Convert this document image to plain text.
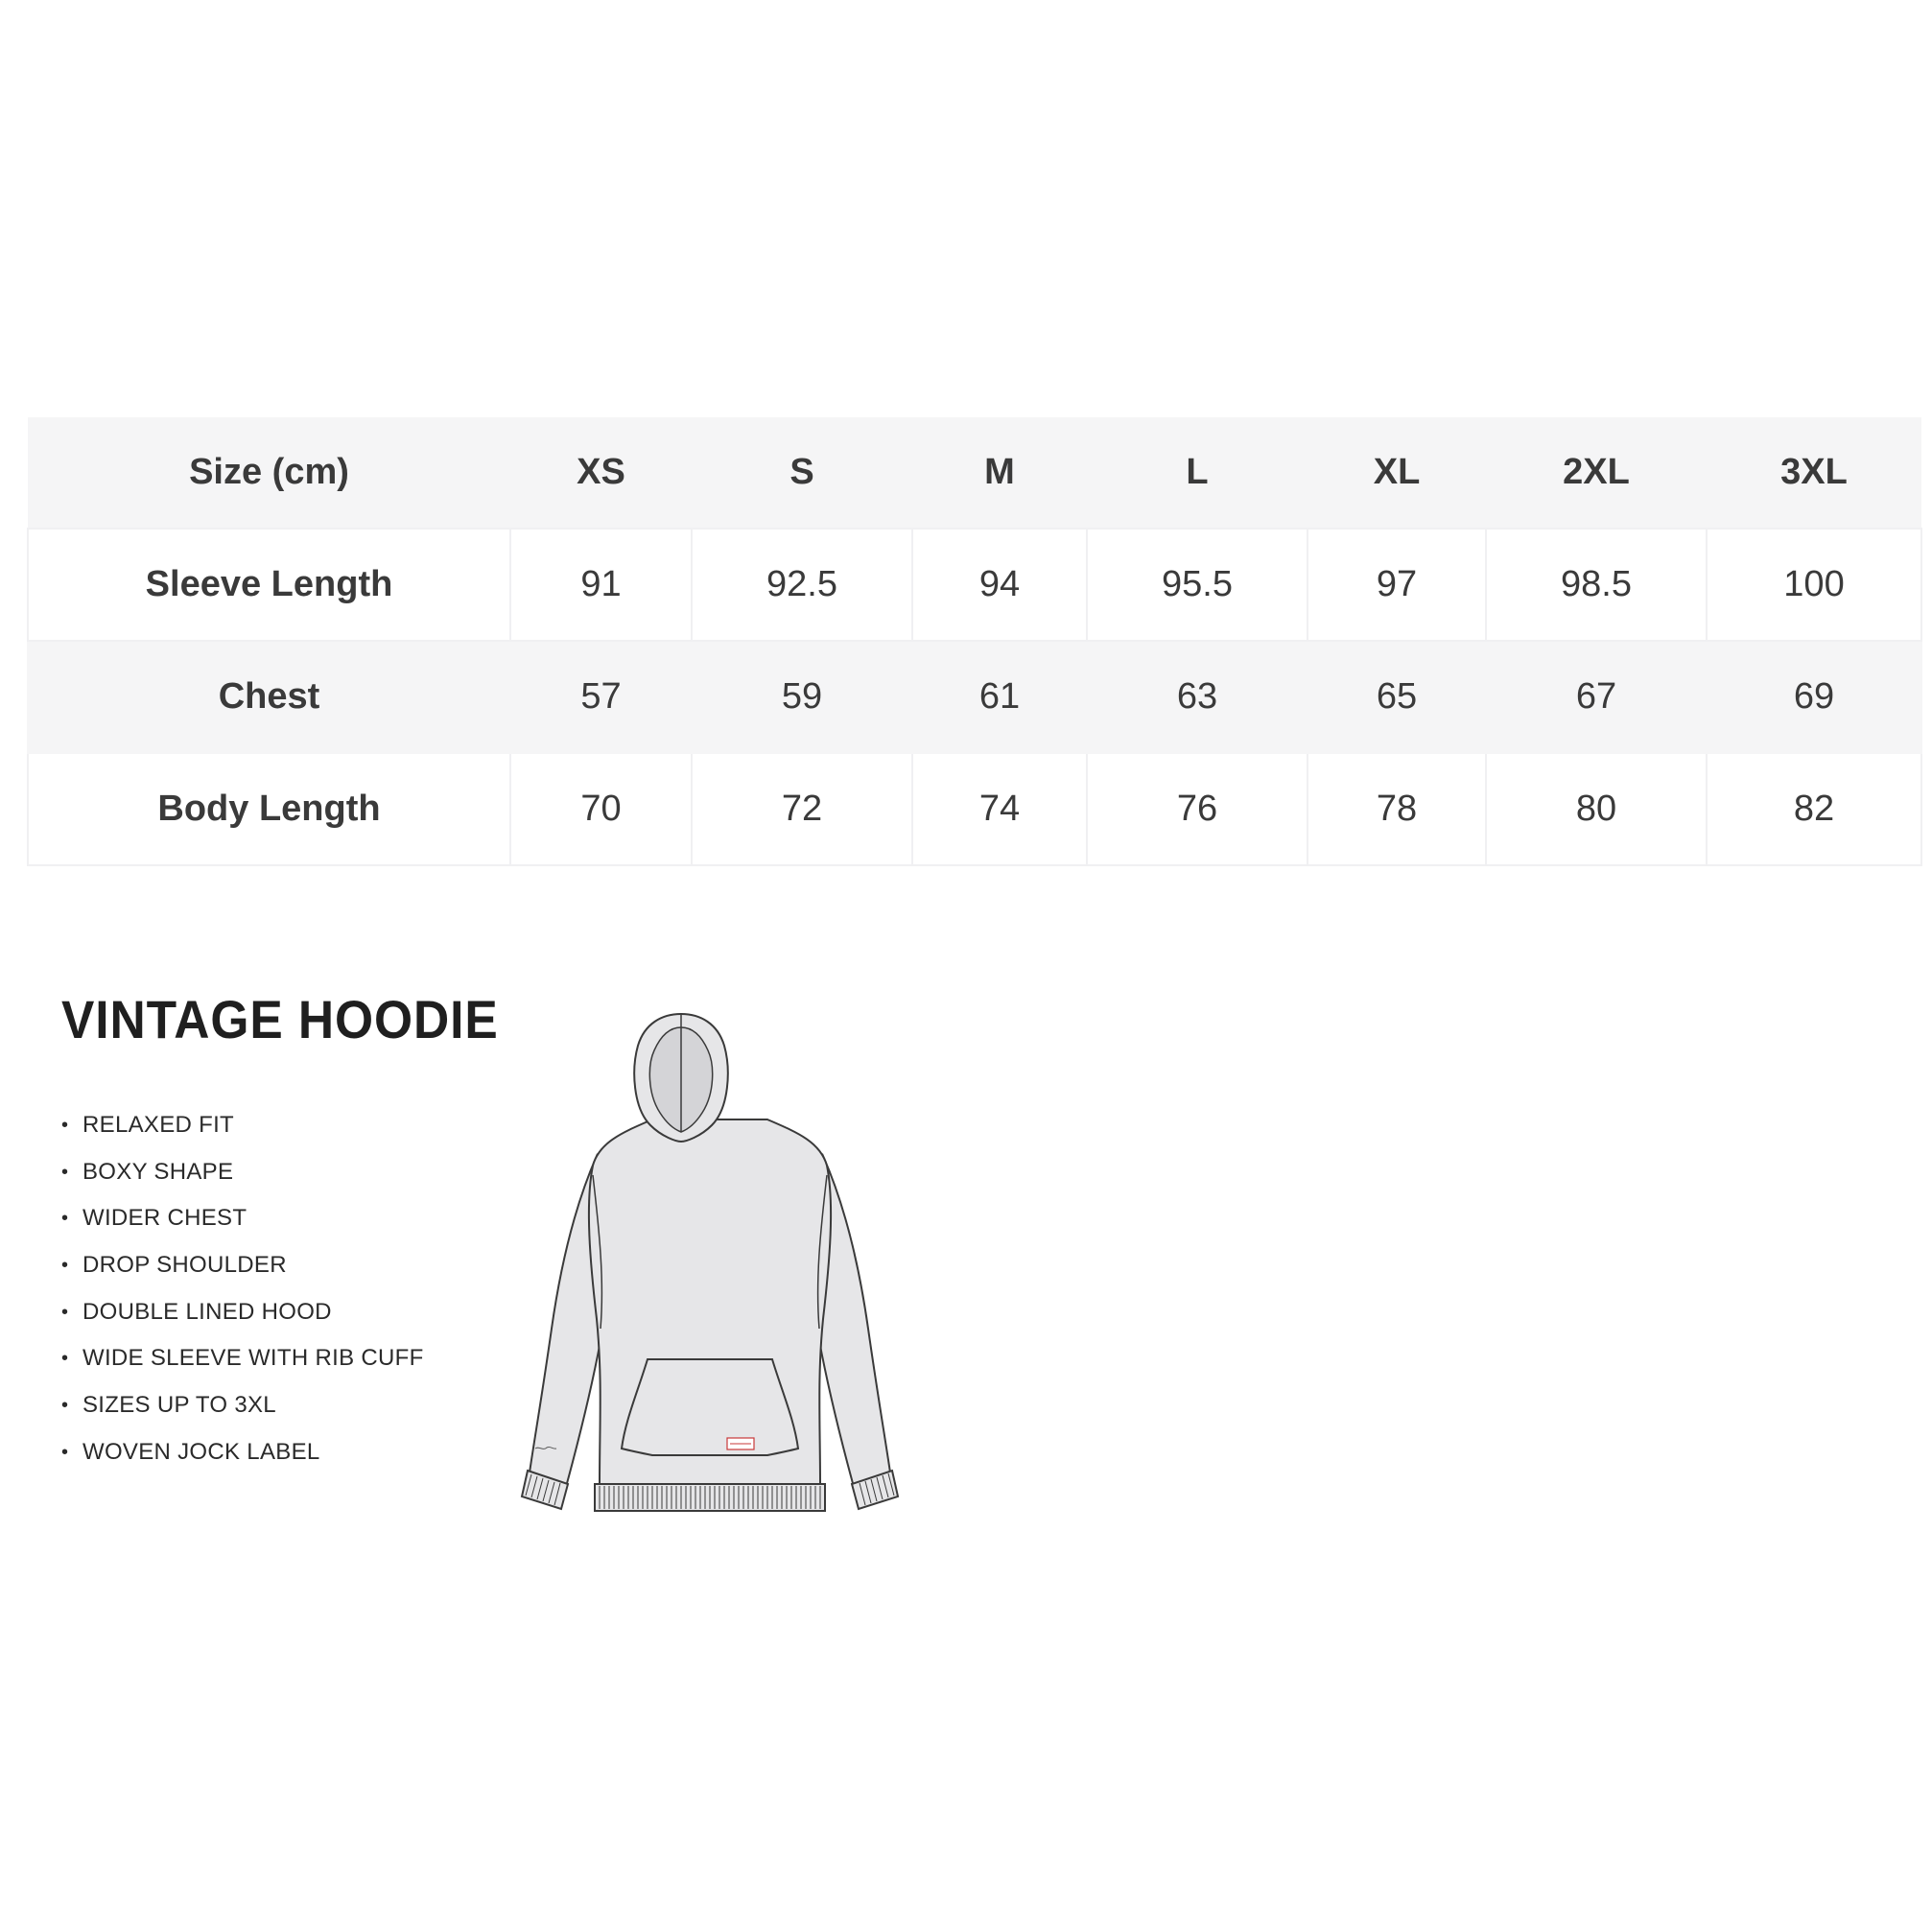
Size (cm)	XS	S	M	L	XL	2XL	3XL
Sleeve Length	91	92.5	94	95.5	97	98.5	100
Chest	57	59	61	63	65	67	69
Body Length	70	72	74	76	78	80	82
VINTAGE HOODIE
• RELAXED FIT
• BOXY SHAPE
• WIDER CHEST
• DROP SHOULDER
• DOUBLE LINED HOOD
• WIDE SLEEVE WITH RIB CUFF
• SIZES UP TO 3XL
• WOVEN JOCK LABEL
